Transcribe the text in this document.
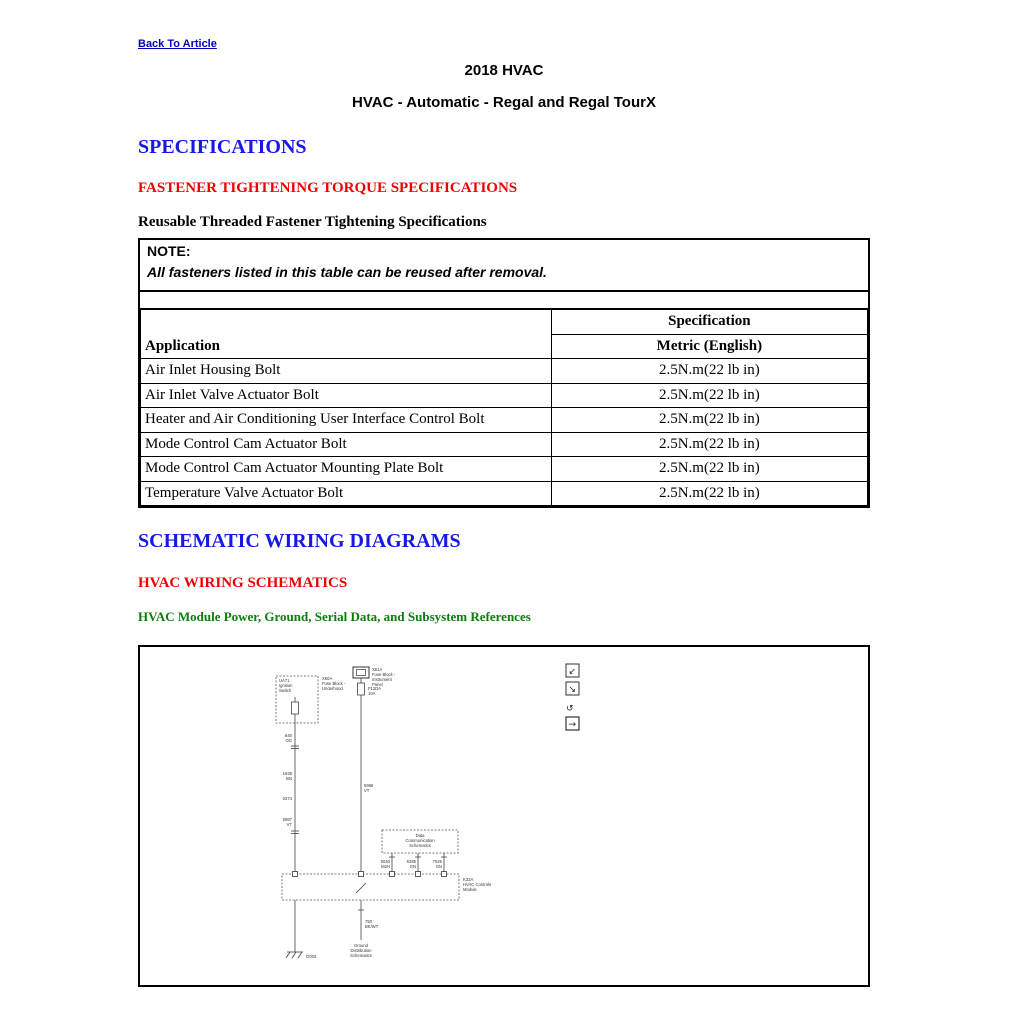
Back To Article
2018 HVAC
HVAC - Automatic - Regal and Regal TourX
SPECIFICATIONS
FASTENER TIGHTENING TORQUE SPECIFICATIONS
Reusable Threaded Fastener Tightening Specifications
NOTE:
All fasteners listed in this table can be reused after removal.
Application	Specification
	Metric (English)
Air Inlet Housing Bolt	2.5N.m(22 lb in)
Air Inlet Valve Actuator Bolt	2.5N.m(22 lb in)
Heater and Air Conditioning User Interface Control Bolt	2.5N.m(22 lb in)
Mode Control Cam Actuator Bolt	2.5N.m(22 lb in)
Mode Control Cam Actuator Mounting Plate Bolt	2.5N.m(22 lb in)
Temperature Valve Actuator Bolt	2.5N.m(22 lb in)
SCHEMATIC WIRING DIAGRAMS
HVAC WIRING SCHEMATICS
HVAC Module Power, Ground, Serial Data, and Subsystem References
↙
↘
↺
→
UA71
Ignition
Switch
X50A
Fuse Block -
Underhood
X51A
Fuse Block -
Instrument
Panel
F12DA
10A
640
OG
1939
BN
0374
5987
VT
5986
VT
Data
Communication
Schematics
5040
M2H
5285
GN
7545
GN
K33A
HVAC Controls
Module
G003
750
BK/WT
Ground
Distribution
Schematics
